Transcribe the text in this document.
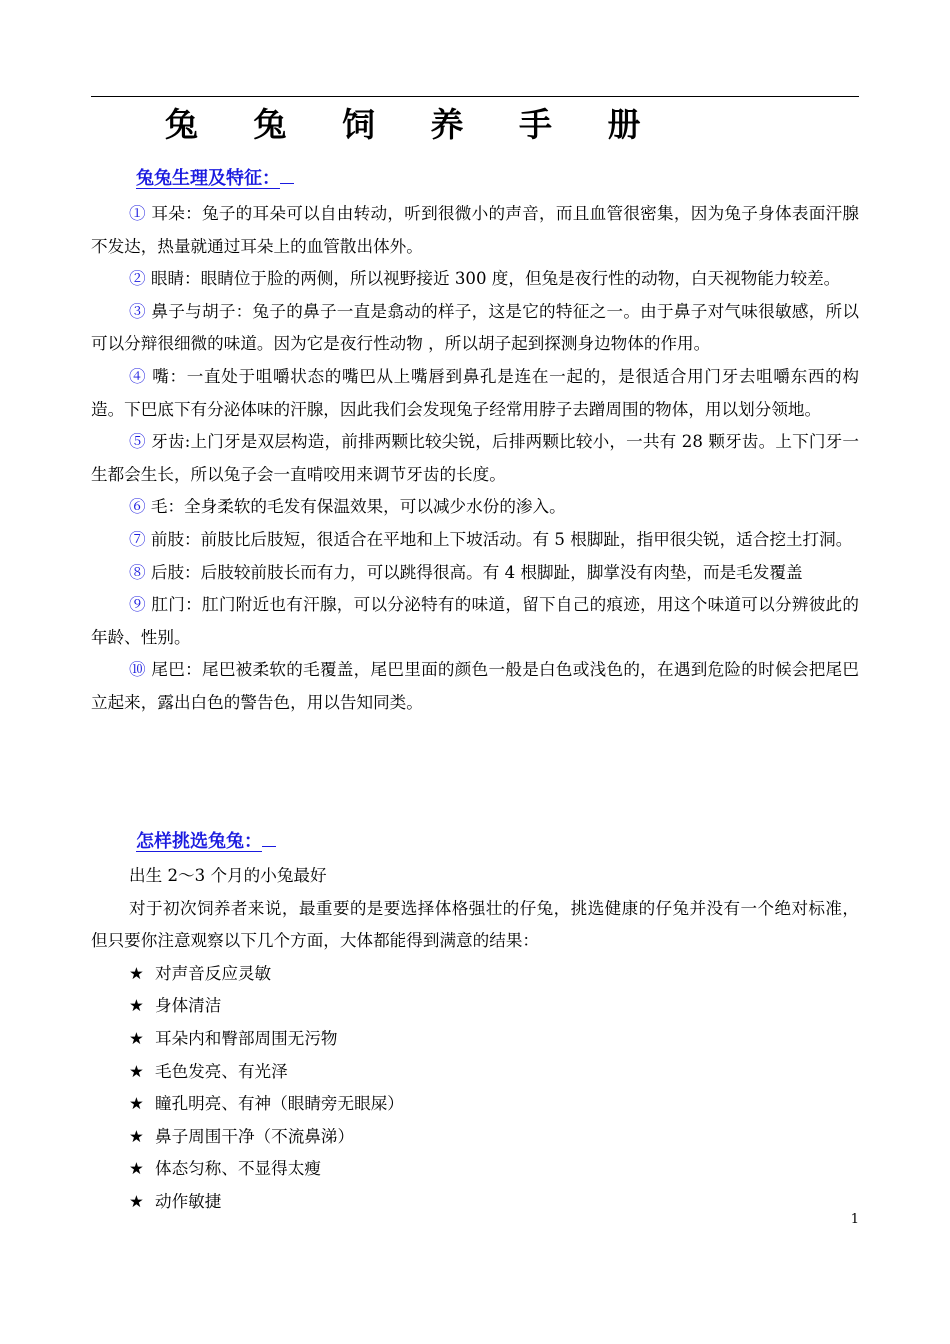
兔 兔 饲 养 手 册
兔兔生理及特征：

① 耳朵：兔子的耳朵可以自由转动，听到很微小的声音，而且血管很密集，因为兔子身体表面汗腺不发达，热量就通过耳朵上的血管散出体外。

② 眼睛：眼睛位于脸的两侧，所以视野接近 300 度，但兔是夜行性的动物，白天视物能力较差。

③ 鼻子与胡子：兔子的鼻子一直是翕动的样子，这是它的特征之一。由于鼻子对气味很敏感，所以可以分辩很细微的味道。因为它是夜行性动物 ，所以胡子起到探测身边物体的作用。

④ 嘴：一直处于咀嚼状态的嘴巴从上嘴唇到鼻孔是连在一起的，是很适合用门牙去咀嚼东西的构造。下巴底下有分泌体味的汗腺，因此我们会发现兔子经常用脖子去蹭周围的物体，用以划分领地。

⑤ 牙齿:上门牙是双层构造，前排两颗比较尖锐，后排两颗比较小，一共有 28 颗牙齿。上下门牙一生都会生长，所以兔子会一直啃咬用来调节牙齿的长度。

⑥ 毛：全身柔软的毛发有保温效果，可以减少水份的渗入。

⑦ 前肢：前肢比后肢短，很适合在平地和上下坡活动。有 5 根脚趾，指甲很尖锐，适合挖土打洞。

⑧ 后肢：后肢较前肢长而有力，可以跳得很高。有 4 根脚趾，脚掌没有肉垫，而是毛发覆盖

⑨ 肛门：肛门附近也有汗腺，可以分泌特有的味道，留下自己的痕迹，用这个味道可以分辨彼此的年龄、性别。

⑩ 尾巴：尾巴被柔软的毛覆盖，尾巴里面的颜色一般是白色或浅色的，在遇到危险的时候会把尾巴立起来，露出白色的警告色，用以告知同类。

怎样挑选兔兔：

出生 2～3 个月的小兔最好

对于初次饲养者来说，最重要的是要选择体格强壮的仔兔，挑选健康的仔兔并没有一个绝对标准，但只要你注意观察以下几个方面，大体都能得到满意的结果：

★ 对声音反应灵敏
★ 身体清洁
★ 耳朵内和臀部周围无污物
★ 毛色发亮、有光泽
★ 瞳孔明亮、有神（眼睛旁无眼屎）
★ 鼻子周围干净（不流鼻涕）
★ 体态匀称、不显得太瘦
★ 动作敏捷
1
